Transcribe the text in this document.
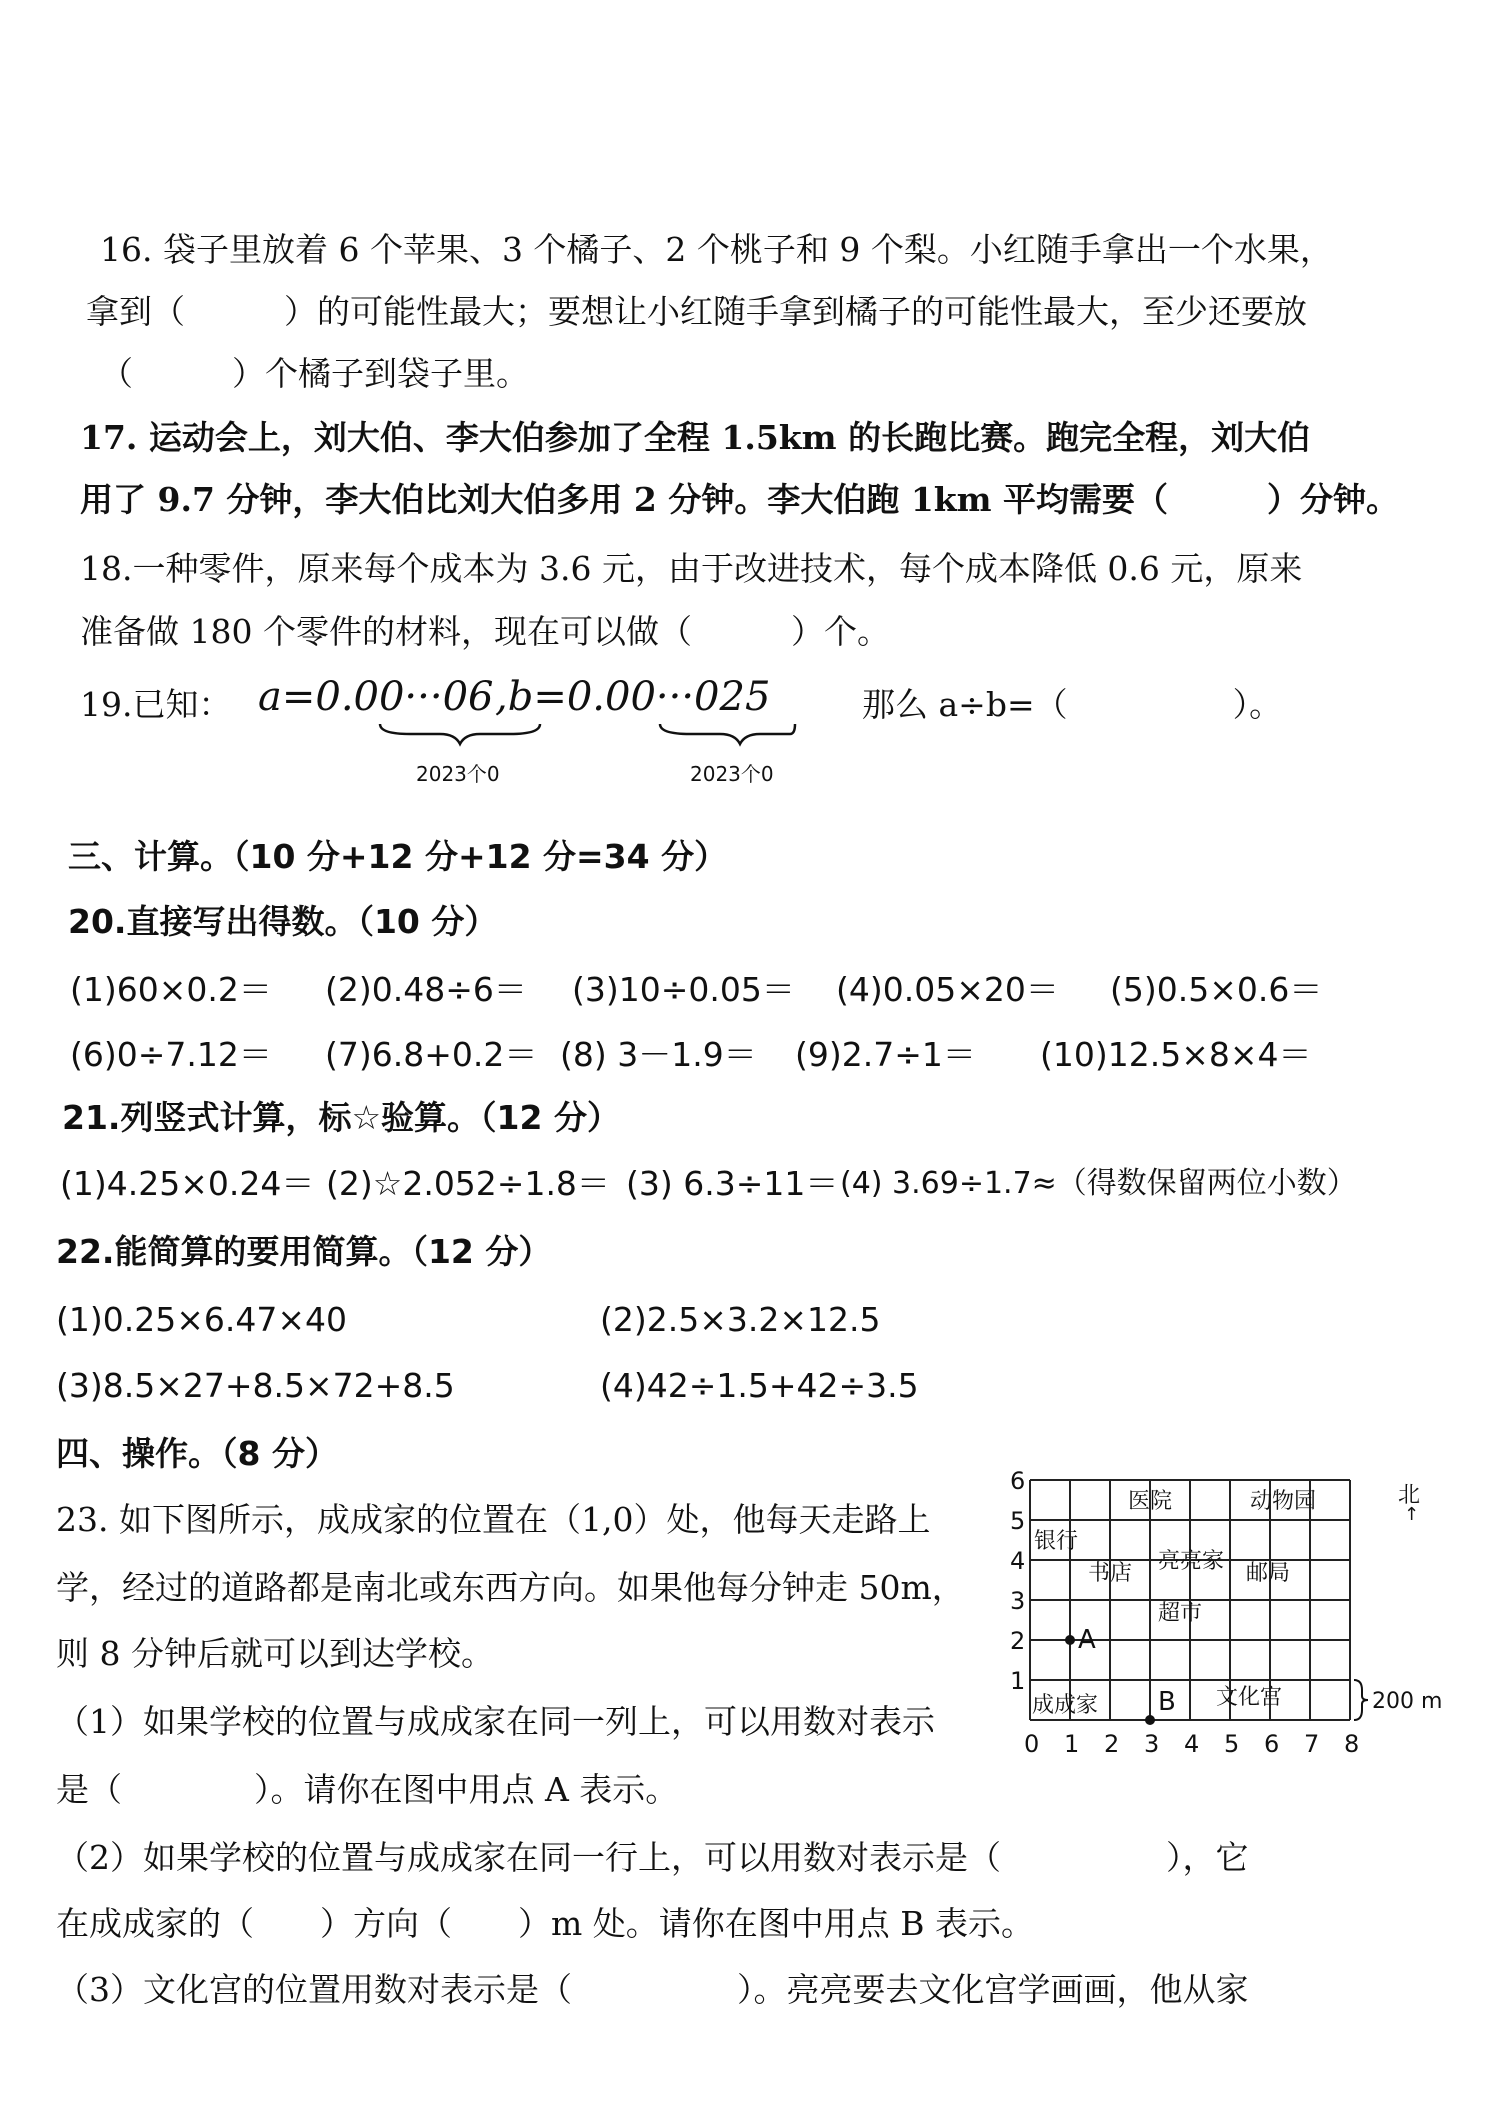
16. 袋子里放着 6 个苹果、3 个橘子、2 个桃子和 9 个梨。小红随手拿出一个水果，
拿到（　　　）的可能性最大；要想让小红随手拿到橘子的可能性最大，至少还要放
（　　　）个橘子到袋子里。
17. 运动会上，刘大伯、李大伯参加了全程 1.5km 的长跑比赛。跑完全程，刘大伯
用了 9.7 分钟，李大伯比刘大伯多用 2 分钟。李大伯跑 1km 平均需要（　　　）分钟。
18.一种零件，原来每个成本为 3.6 元，由于改进技术，每个成本降低 0.6 元，原来
准备做 180 个零件的材料，现在可以做（　　　）个。
19.已知： a=0.00···06 ,b=0.00···025	那么 a÷b=（　　　　　）。
2023个0	2023个0
三、计算。（10 分+12 分+12 分=34 分）
20.直接写出得数。（10 分）
(1)60×0.2＝ (2)0.48÷6＝ (3)10÷0.05＝ (4)0.05×20＝ (5)0.5×0.6＝
(6)0÷7.12＝ (7)6.8+0.2＝ (8) 3－1.9＝ (9)2.7÷1＝ (10)12.5×8×4＝
21.列竖式计算，标☆验算。（12 分）
(1)4.25×0.24＝ (2)☆2.052÷1.8＝ (3) 6.3÷11＝ (4) 3.69÷1.7≈（得数保留两位小数）
22.能简算的要用简算。（12 分）
(1)0.25×6.47×40	(2)2.5×3.2×12.5
(3)8.5×27+8.5×72+8.5	(4)42÷1.5+42÷3.5
四、操作。（8 分）
23. 如下图所示，成成家的位置在（1,0）处，他每天走路上
学，经过的道路都是南北或东西方向。如果他每分钟走 50m，
则 8 分钟后就可以到达学校。
（1）如果学校的位置与成成家在同一列上，可以用数对表示
是（　　　　）。请你在图中用点 A 表示。
（2）如果学校的位置与成成家在同一行上，可以用数对表示是（　　　　　），它
在成成家的（　　）方向（　　）m 处。请你在图中用点 B 表示。
（3）文化宫的位置用数对表示是（　　　　　）。亮亮要去文化宫学画画，他从家
0 1 2 3 4 5 6 7 8
1
2
3
4
5
6
医院	动物园
银行
书店 亮亮家 邮局
超市
成成家	文化宫
A
B
北
↑
200 m
